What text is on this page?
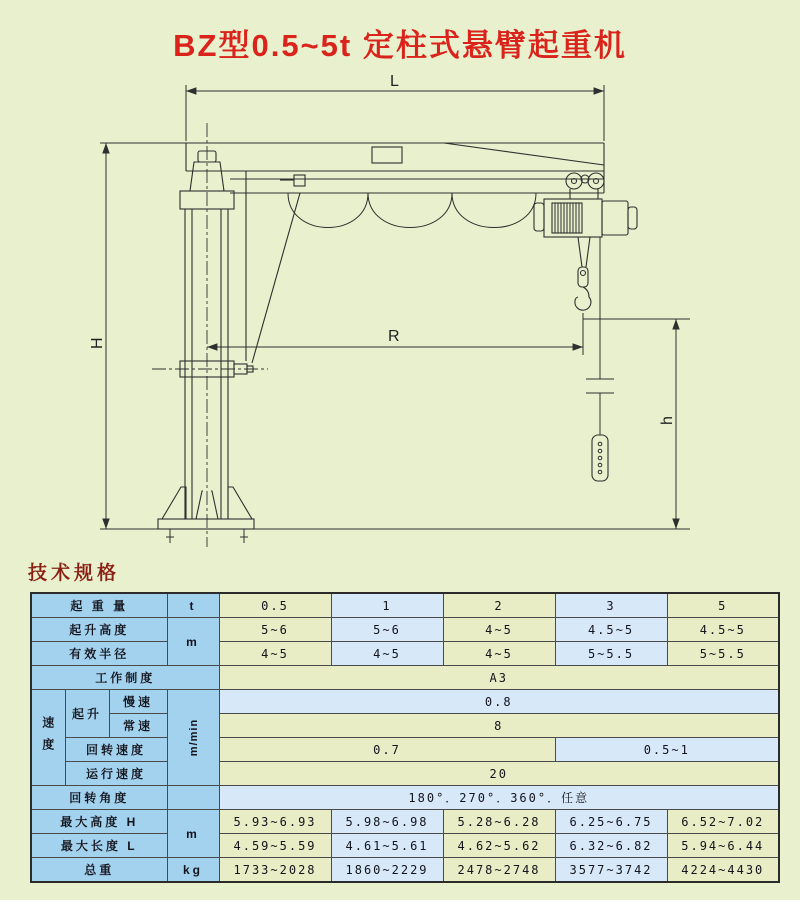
BZ型0.5~5t 定柱式悬臂起重机
L
H	R
h
技术规格
起 重 量			t	0.5	1	2	3	5
起升高度			m	5~6	5~6	4~5	4.5~5	4.5~5
有效半径				4~5	4~5	4~5	5~5.5	5~5.5
工作制度				A3				

速度	起升	慢速	m/min	0.8				
		常速		8				
	回转速度			0.7			0.5~1	
	运行速度			20				
回转角度				180°．270°．360°．任意				
最大高度 H			m	5.93~6.93	5.98~6.98	5.28~6.28	6.25~6.75	6.52~7.02
最大长度 L				4.59~5.59	4.61~5.61	4.62~5.62	6.32~6.82	5.94~6.44
总重			kg	1733~2028	1860~2229	2478~2748	3577~3742	4224~4430
